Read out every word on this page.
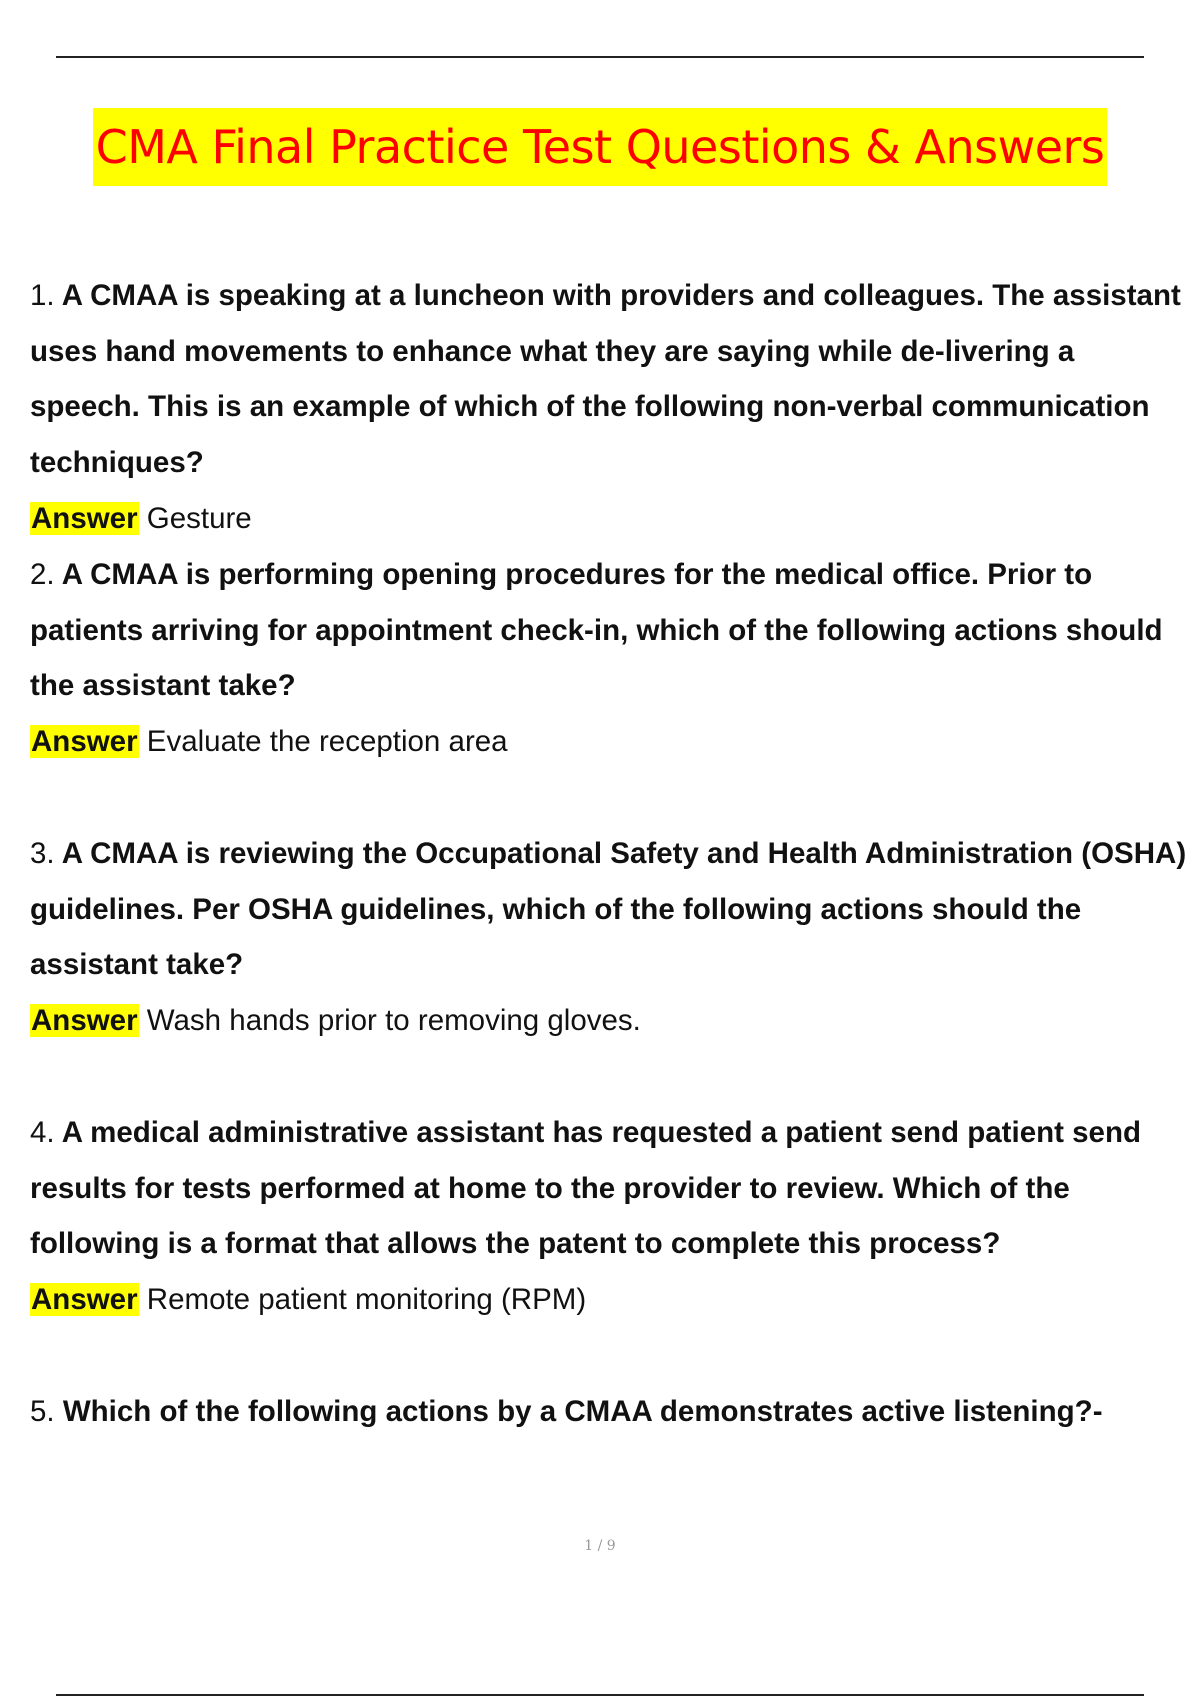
CMA Final Practice Test Questions & Answers

1. A CMAA is speaking at a luncheon with providers and colleagues. The assistant uses hand movements to enhance what they are saying while de-livering a speech. This is an example of which of the following non-verbal communication techniques?

Answer Gesture

2. A CMAA is performing opening procedures for the medical office. Prior to patients arriving for appointment check-in, which of the following actions should the assistant take?

Answer Evaluate the reception area

3. A CMAA is reviewing the Occupational Safety and Health Administration (OSHA) guidelines. Per OSHA guidelines, which of the following actions should the assistant take?

Answer Wash hands prior to removing gloves.

4. A medical administrative assistant has requested a patient send patient send results for tests performed at home to the provider to review. Which of the following is a format that allows the patent to complete this process?

Answer Remote patient monitoring (RPM)

5. Which of the following actions by a CMAA demonstrates active listening?-

1 / 9
